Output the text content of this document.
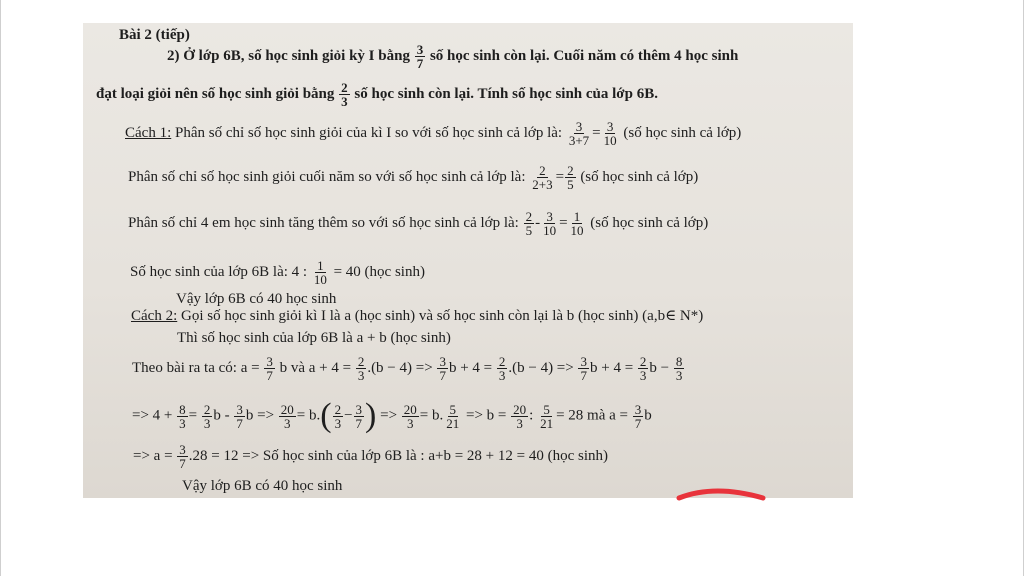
Bài 2 (tiếp)
2) Ở lớp 6B, số học sinh giỏi kỳ I bằng $\frac{3}{7}$ số học sinh còn lại. Cuối năm có thêm 4 học sinh
đạt loại giỏi nên số học sinh giỏi bằng $\frac{2}{3}$ số học sinh còn lại. Tính số học sinh của lớp 6B.
Cách 1: Phân số chỉ số học sinh giỏi của kì I so với số học sinh cả lớp là: $\frac{3}{3+7} = \frac{3}{10}$ (số học sinh cả lớp)
Phân số chỉ số học sinh giỏi cuối năm so với số học sinh cả lớp là: $\frac{2}{2+3} = \frac{2}{5}$ (số học sinh cả lớp)
Phân số chỉ 4 em học sinh tăng thêm so với số học sinh cả lớp là: $\frac{2}{5} - \frac{3}{10} = \frac{1}{10}$ (số học sinh cả lớp)
Số học sinh của lớp 6B là: 4 : $\frac{1}{10} = 40$ (học sinh)
Vậy lớp 6B có 40 học sinh
Cách 2: Gọi số học sinh giỏi kì I là a (học sinh) và số học sinh còn lại là b (học sinh) (a,b∈ N*)
Thì số học sinh của lớp 6B là a + b (học sinh)
Theo bài ra ta có: $a = \frac{3}{7}$ b và $a + 4 = \frac{2}{3} .(b - 4) => \frac{3}{7}$ $b + 4 = \frac{2}{3} .(b - 4) => \frac{3}{7}$ $b + 4 = \frac{2}{3}$ $b - \frac{8}{3}$
=> $4 + \frac{8}{3} = \frac{2}{3}$ b - $\frac{3}{7}$ $b => \frac{20}{3} = b.( \frac{2}{3} - \frac{3}{7}$ ) => $\frac{20}{3} = b$. $\frac{5}{21} => b = \frac{20}{3}$ : $\frac{5}{21} = 28$ mà $a = \frac{3}{7}$ b
=> $a = \frac{3}{7} .28 = 12$ => Số học sinh của lớp 6B là : a+b = 28 + 12 = 40 (học sinh)
Vậy lớp 6B có 40 học sinh
